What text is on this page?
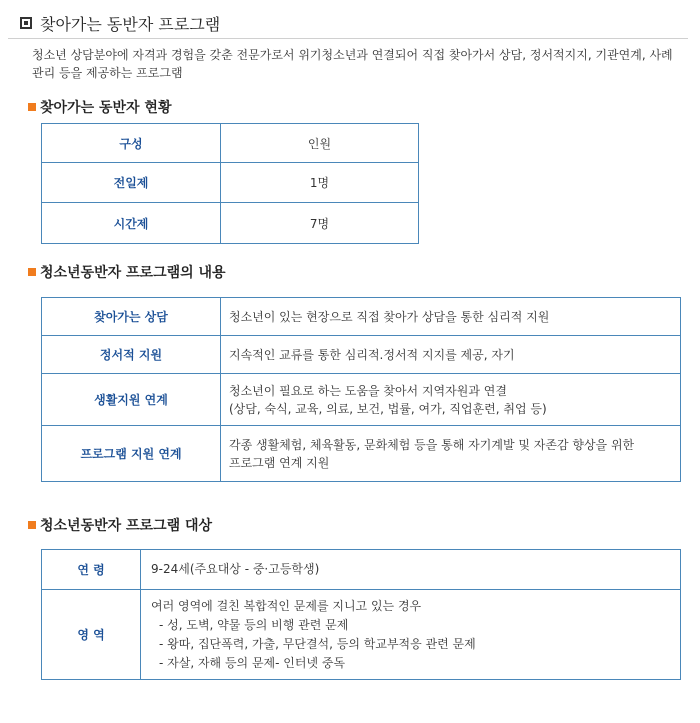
찾아가는 동반자 프로그램
청소년 상담분야에 자격과 경험을 갖춘 전문가로서 위기청소년과 연결되어 직접 찾아가서 상담, 정서적지지, 기관연계, 사례관리 등을 제공하는 프로그램
찾아가는 동반자 현황
구성	인원
전일제	1명
시간제	7명
청소년동반자 프로그램의 내용
찾아가는 상담	청소년이 있는 현장으로 직접 찾아가 상담을 통한 심리적 지원
정서적 지원	지속적인 교류를 통한 심리적.정서적 지지를 제공, 자기
생활지원 연계	청소년이 필요로 하는 도움을 찾아서 지역자원과 연결
(상담, 숙식, 교육, 의료, 보건, 법률, 여가, 직업훈련, 취업 등)
프로그램 지원 연계	각종 생활체험, 체육활동, 문화체험 등을 통해 자기계발 및 자존감 향상을 위한
프로그램 연계 지원
청소년동반자 프로그램 대상
연 령	9-24세(주요대상 - 중·고등학생)
영 역	여러 영역에 걸친 복합적인 문제를 지니고 있는 경우
- 성, 도벽, 약물 등의 비행 관련 문제
- 왕따, 집단폭력, 가출, 무단결석, 등의 학교부적응 관련 문제
- 자살, 자해 등의 문제- 인터넷 중독
